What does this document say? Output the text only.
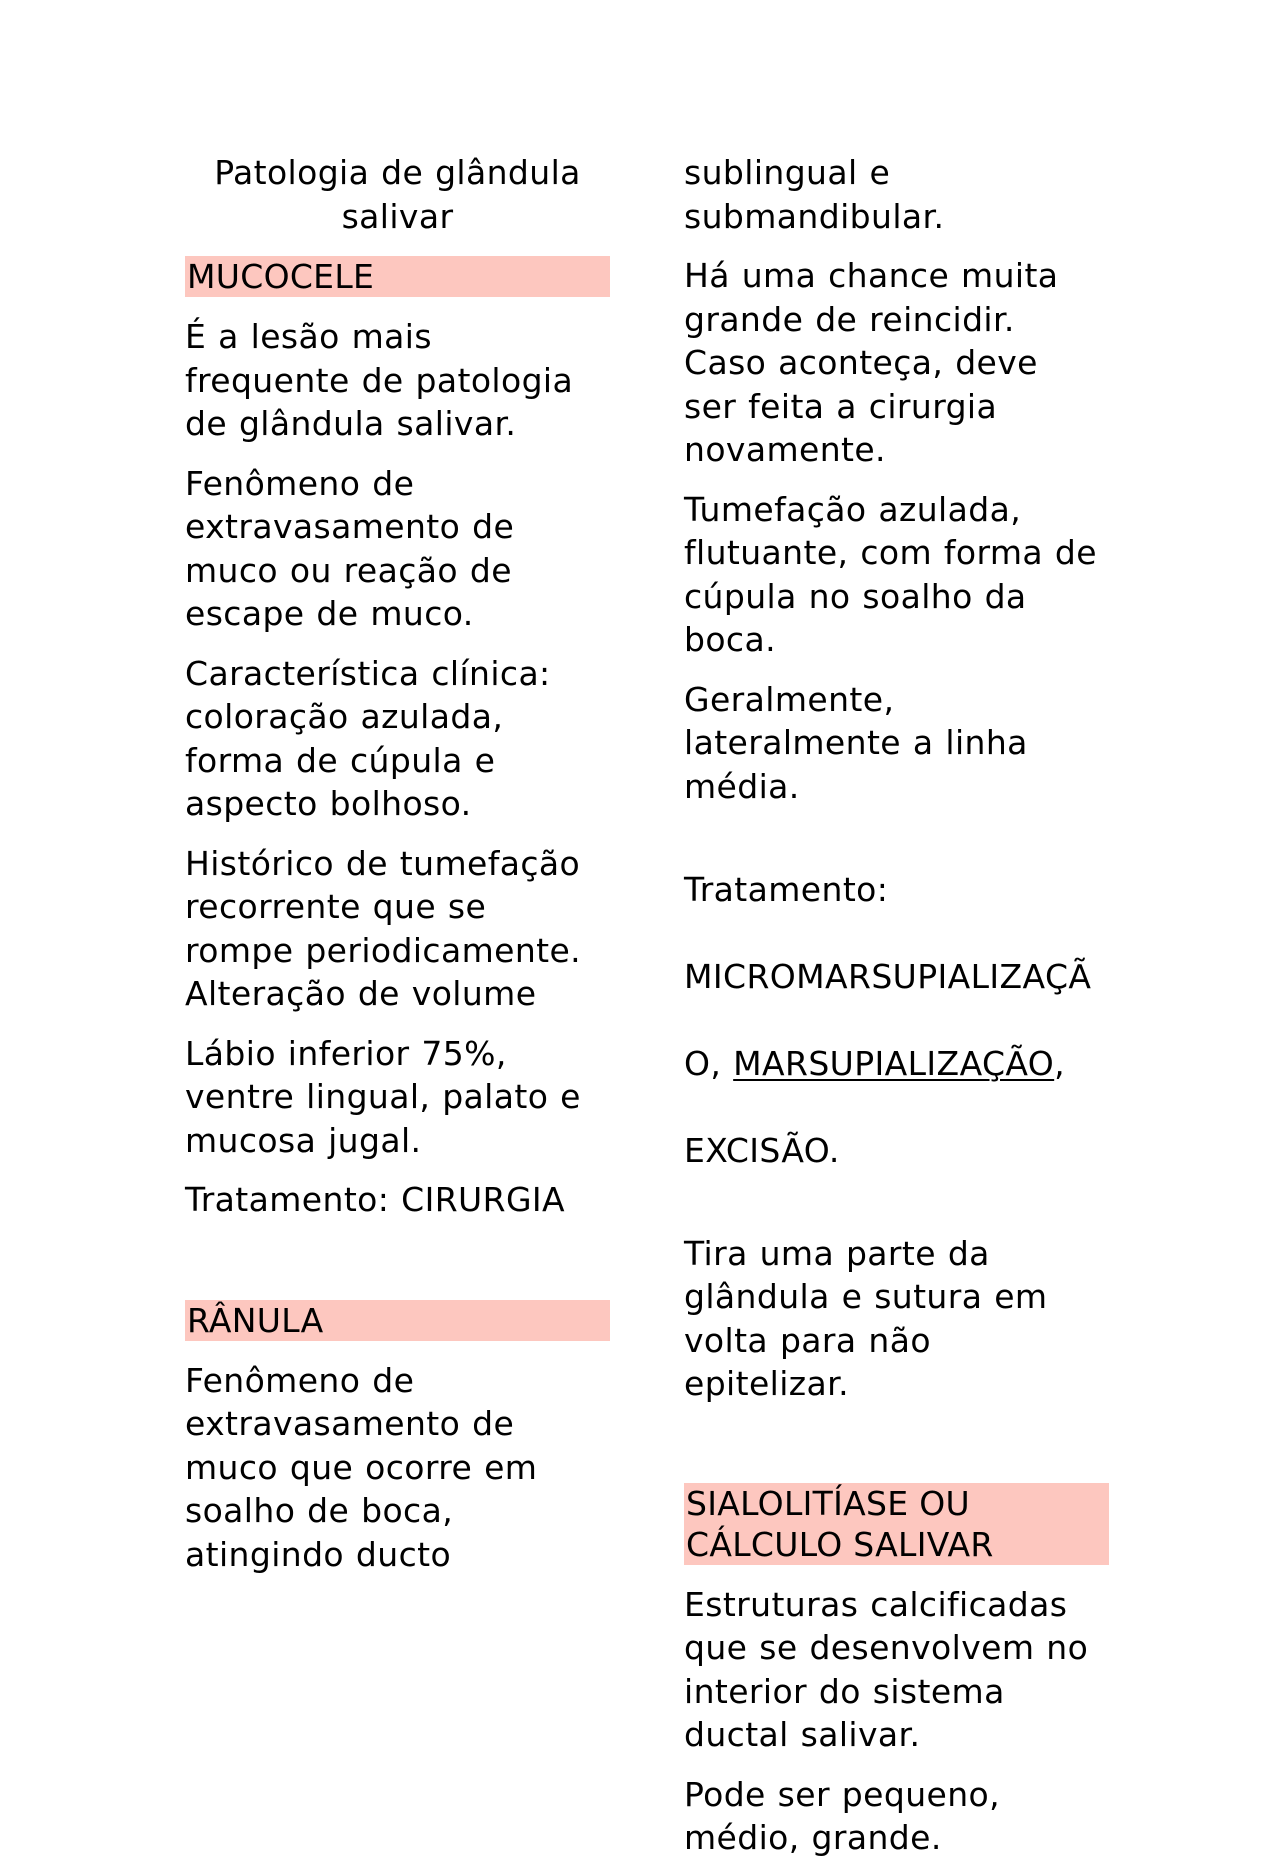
Patologia de glândula
salivar
MUCOCELE

É a lesão mais
frequente de patologia
de glândula salivar.

Fenômeno de
extravasamento de
muco ou reação de
escape de muco.

Característica clínica:
coloração azulada,
forma de cúpula e
aspecto bolhoso.

Histórico de tumefação
recorrente que se
rompe periodicamente.
Alteração de volume

Lábio inferior 75%,
ventre lingual, palato e
mucosa jugal.

Tratamento: CIRURGIA

RÂNULA

Fenômeno de
extravasamento de
muco que ocorre em
soalho de boca,
atingindo ducto

sublingual e
submandibular.

Há uma chance muita
grande de reincidir.
Caso aconteça, deve
ser feita a cirurgia
novamente.

Tumefação azulada,
flutuante, com forma de
cúpula no soalho da
boca.

Geralmente,
lateralmente a linha
média.

Tratamento:

MICROMARSUPIALIZAÇÃ

O, MARSUPIALIZAÇÃO,

EXCISÃO.

Tira uma parte da
glândula e sutura em
volta para não
epitelizar.

SIALOLITÍASE OU
CÁLCULO SALIVAR

Estruturas calcificadas
que se desenvolvem no
interior do sistema
ductal salivar.

Pode ser pequeno,
médio, grande.
